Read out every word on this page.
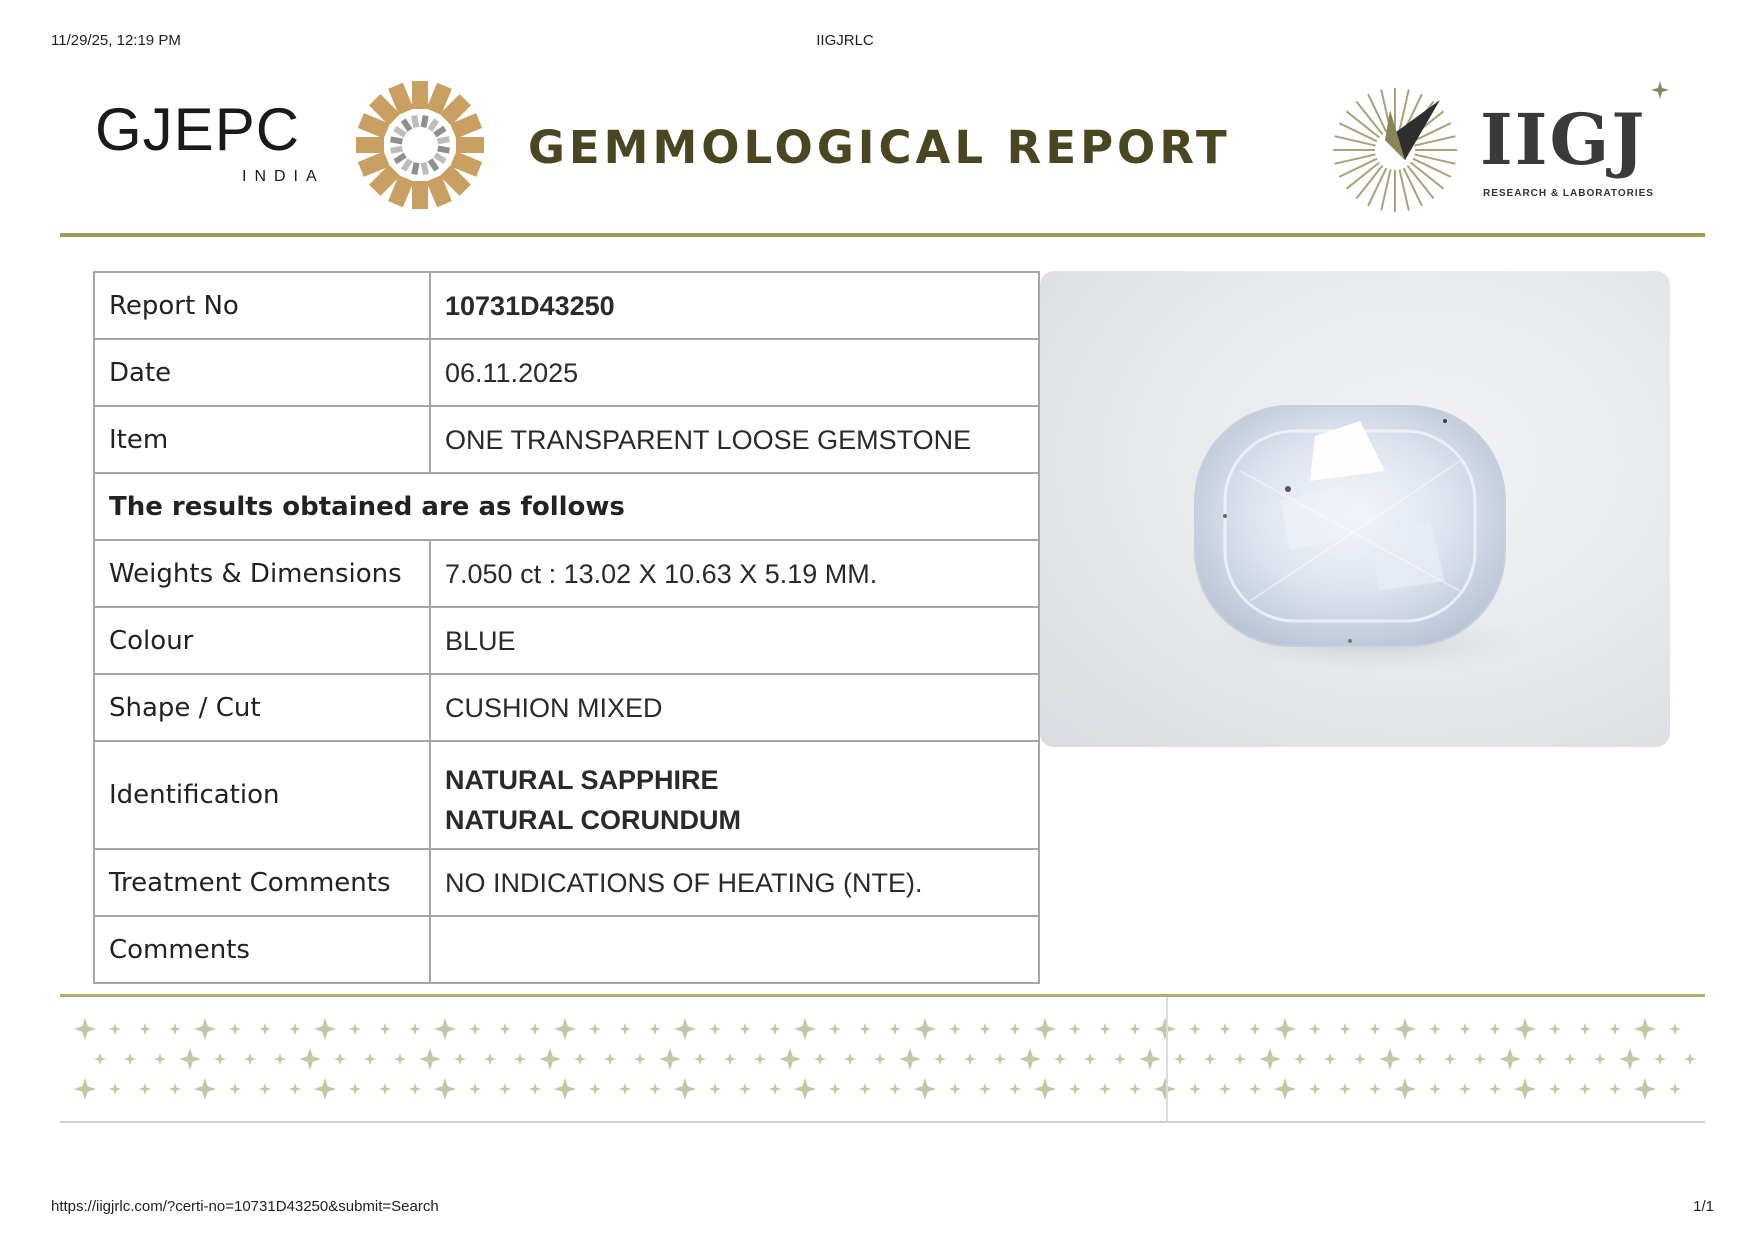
11/29/25, 12:19 PM	IIGJRLC
GJEPC
INDIA
GEMMOLOGICAL REPORT	IIGJ
RESEARCH & LABORATORIES
Report No	10731D43250
Date	06.11.2025
Item	ONE TRANSPARENT LOOSE GEMSTONE
The results obtained are as follows	
Weights & Dimensions	7.050 ct : 13.02 X 10.63 X 5.19 MM.
Colour	BLUE
Shape / Cut	CUSHION MIXED
Identification	NATURAL SAPPHIRE
NATURAL CORUNDUM

Treatment Comments	NO INDICATIONS OF HEATING (NTE).
Comments	
https://iigjrlc.com/?certi-no=10731D43250&submit=Search	1/1
